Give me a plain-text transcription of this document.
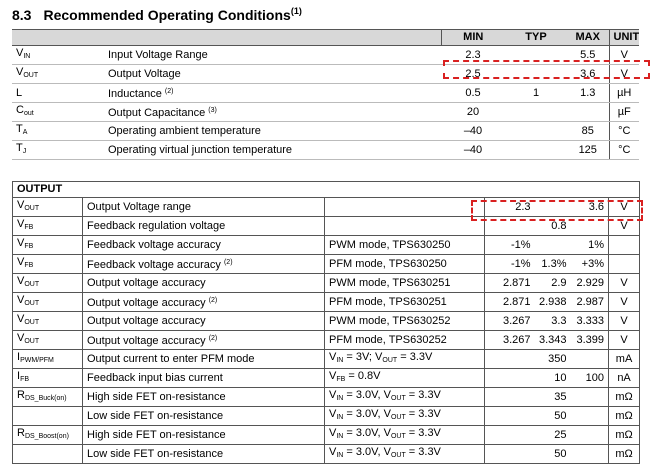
8.3 Recommended Operating Conditions$^{(1)}$
		MIN	TYP	MAX	UNIT
$V_{IN}$	Input Voltage Range	2.3		5.5	V
$V_{OUT}$	Output Voltage	2.5		3.6	V
L	Inductance $^{(2)}$	0.5	1	1.3	µH
$C_{out}$	Output Capacitance $^{(3)}$	20			µF
$T_A$	Operating ambient temperature	–40		85	°C
$T_J$	Operating virtual junction temperature	–40		125	°C
OUTPUT						
$V_{OUT}$	Output Voltage range		2.3		3.6	V
$V_{FB}$	Feedback regulation voltage			0.8		V
$V_{FB}$	Feedback voltage accuracy	PWM mode, TPS630250	-1%		1%	
$V_{FB}$	Feedback voltage accuracy $^{(2)}$	PFM mode, TPS630250	-1%	1.3%	+3%	
$V_{OUT}$	Output voltage accuracy	PWM mode, TPS630251	2.871	2.9	2.929	V
$V_{OUT}$	Output voltage accuracy $^{(2)}$	PFM mode, TPS630251	2.871	2.938	2.987	V
$V_{OUT}$	Output voltage accuracy	PWM mode, TPS630252	3.267	3.3	3.333	V
$V_{OUT}$	Output voltage accuracy $^{(2)}$	PFM mode, TPS630252	3.267	3.343	3.399	V
$I_{PWM/PFM}$	Output current to enter PFM mode	$V_{IN} = 3V$; $V_{OUT} = 3.3V$		350		mA
$I_{FB}$	Feedback input bias current	$V_{FB} = 0.8V$		10	100	nA
$R_{DS\_Buck(on)}$	High side FET on-resistance	$V_{IN} = 3.0V$, $V_{OUT} = 3.3V$		35		mΩ
	Low side FET on-resistance	$V_{IN} = 3.0V$, $V_{OUT} = 3.3V$		50		mΩ
$R_{DS\_Boost(on)}$	High side FET on-resistance	$V_{IN} = 3.0V$, $V_{OUT} = 3.3V$		25		mΩ
	Low side FET on-resistance	$V_{IN} = 3.0V$, $V_{OUT} = 3.3V$		50		mΩ
